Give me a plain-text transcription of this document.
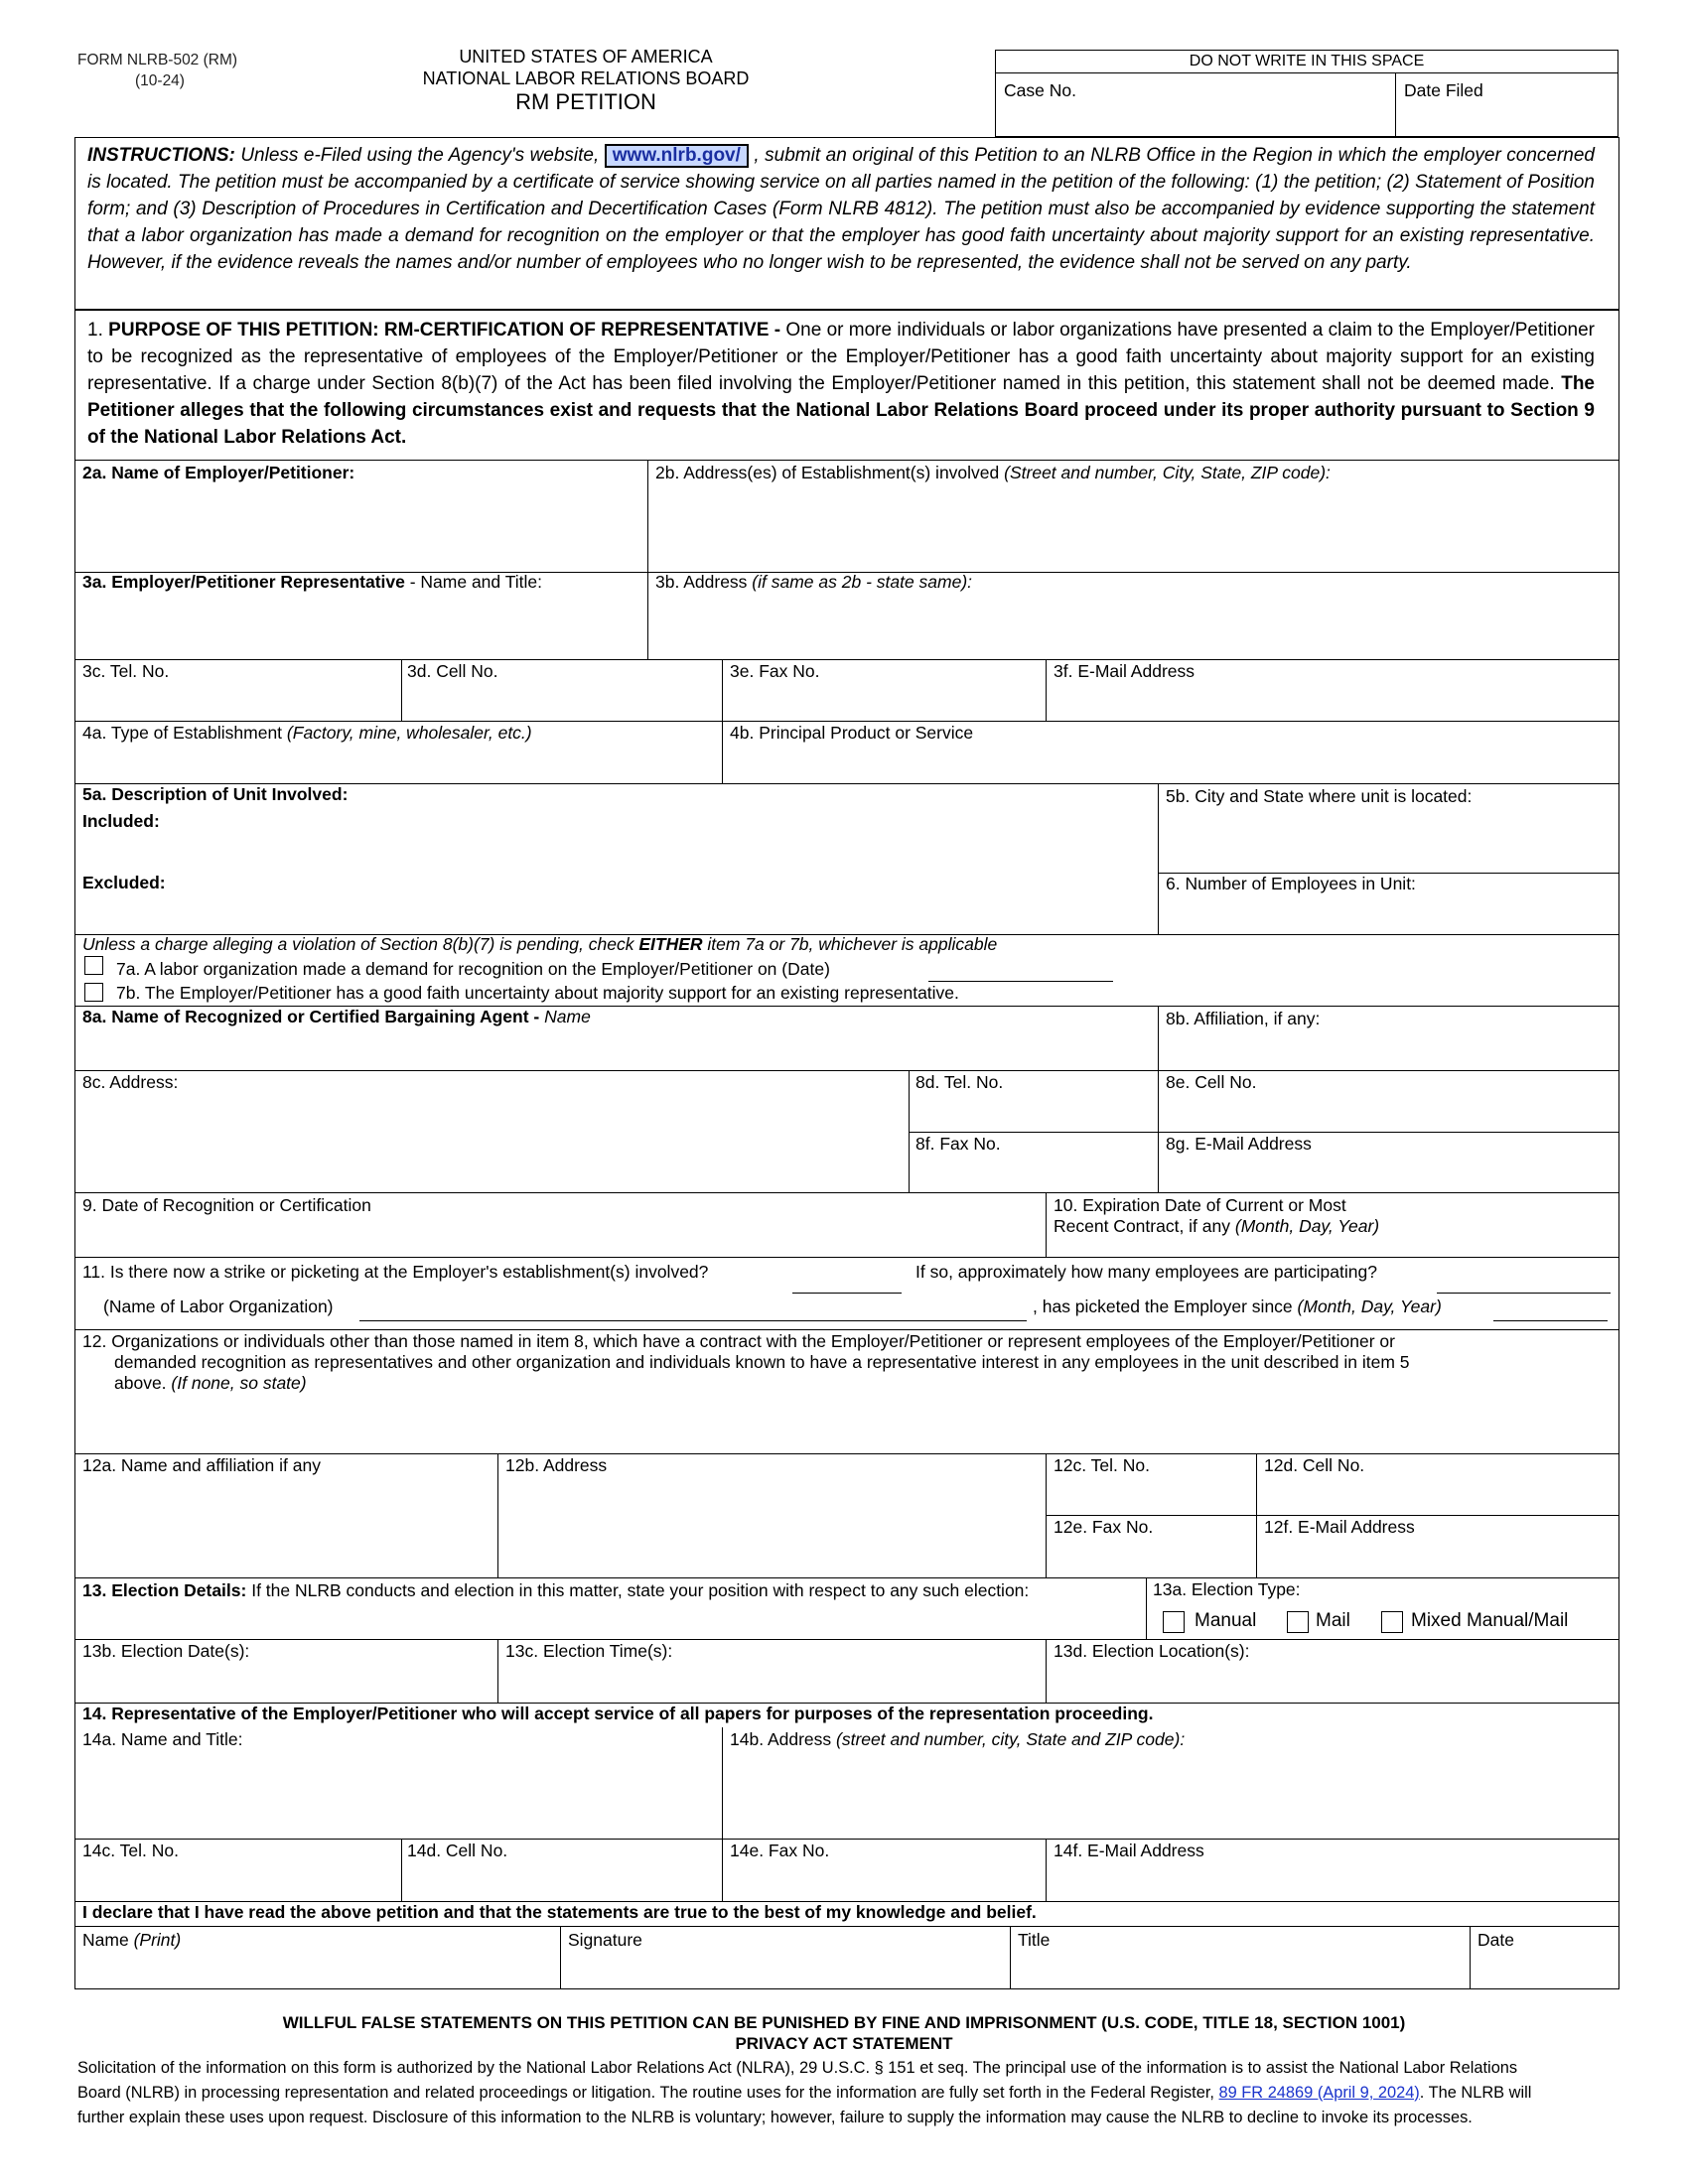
FORM NLRB-502 (RM)
(10-24)
UNITED STATES OF AMERICA
NATIONAL LABOR RELATIONS BOARD
RM PETITION
DO NOT WRITE IN THIS SPACE
Case No.	Date Filed
INSTRUCTIONS: Unless e-Filed using the Agency's website, www.nlrb.gov/ , submit an original of this Petition to an NLRB Office in the Region in which the employer concerned is located. The petition must be accompanied by a certificate of service showing service on all parties named in the petition of the following: (1) the petition; (2) Statement of Position form; and (3) Description of Procedures in Certification and Decertification Cases (Form NLRB 4812). The petition must also be accompanied by evidence supporting the statement that a labor organization has made a demand for recognition on the employer or that the employer has good faith uncertainty about majority support for an existing representative. However, if the evidence reveals the names and/or number of employees who no longer wish to be represented, the evidence shall not be served on any party.
1. PURPOSE OF THIS PETITION: RM-CERTIFICATION OF REPRESENTATIVE - One or more individuals or labor organizations have presented a claim to the Employer/Petitioner to be recognized as the representative of employees of the Employer/Petitioner or the Employer/Petitioner has a good faith uncertainty about majority support for an existing representative. If a charge under Section 8(b)(7) of the Act has been filed involving the Employer/Petitioner named in this petition, this statement shall not be deemed made. The Petitioner alleges that the following circumstances exist and requests that the National Labor Relations Board proceed under its proper authority pursuant to Section 9 of the National Labor Relations Act.
2a. Name of Employer/Petitioner:	2b. Address(es) of Establishment(s) involved (Street and number, City, State, ZIP code):
3a. Employer/Petitioner Representative - Name and Title:	3b. Address (if same as 2b - state same):
3c. Tel. No.	3d. Cell No.	3e. Fax No.	3f. E-Mail Address
4a. Type of Establishment (Factory, mine, wholesaler, etc.)	4b. Principal Product or Service
5a. Description of Unit Involved:
Included:
Excluded:
5b. City and State where unit is located:
6. Number of Employees in Unit:
Unless a charge alleging a violation of Section 8(b)(7) is pending, check EITHER item 7a or 7b, whichever is applicable
7a. A labor organization made a demand for recognition on the Employer/Petitioner on (Date)
7b. The Employer/Petitioner has a good faith uncertainty about majority support for an existing representative.
8a. Name of Recognized or Certified Bargaining Agent - Name	8b. Affiliation, if any:
8c. Address:	8d. Tel. No.	8e. Cell No.
8f. Fax No.	8g. E-Mail Address
9. Date of Recognition or Certification	10. Expiration Date of Current or Most
Recent Contract, if any (Month, Day, Year)
11. Is there now a strike or picketing at the Employer's establishment(s) involved?	If so, approximately how many employees are participating?
(Name of Labor Organization)	, has picketed the Employer since (Month, Day, Year)
12. Organizations or individuals other than those named in item 8, which have a contract with the Employer/Petitioner or represent employees of the Employer/Petitioner or
demanded recognition as representatives and other organization and individuals known to have a representative interest in any employees in the unit described in item 5
above. (If none, so state)
12a. Name and affiliation if any	12b. Address	12c. Tel. No.	12d. Cell No.
12e. Fax No.	12f. E-Mail Address
13. Election Details: If the NLRB conducts and election in this matter, state your position with respect to any such election:	13a. Election Type:
Manual	Mail	Mixed Manual/Mail
13b. Election Date(s):	13c. Election Time(s):	13d. Election Location(s):
14. Representative of the Employer/Petitioner who will accept service of all papers for purposes of the representation proceeding.
14a. Name and Title:	14b. Address (street and number, city, State and ZIP code):
14c. Tel. No.	14d. Cell No.	14e. Fax No.	14f. E-Mail Address
I declare that I have read the above petition and that the statements are true to the best of my knowledge and belief.
Name (Print)	Signature	Title	Date
WILLFUL FALSE STATEMENTS ON THIS PETITION CAN BE PUNISHED BY FINE AND IMPRISONMENT (U.S. CODE, TITLE 18, SECTION 1001)
PRIVACY ACT STATEMENT
Solicitation of the information on this form is authorized by the National Labor Relations Act (NLRA), 29 U.S.C. § 151 et seq. The principal use of the information is to assist the National Labor Relations
Board (NLRB) in processing representation and related proceedings or litigation. The routine uses for the information are fully set forth in the Federal Register, 89 FR 24869 (April 9, 2024). The NLRB will
further explain these uses upon request. Disclosure of this information to the NLRB is voluntary; however, failure to supply the information may cause the NLRB to decline to invoke its processes.
